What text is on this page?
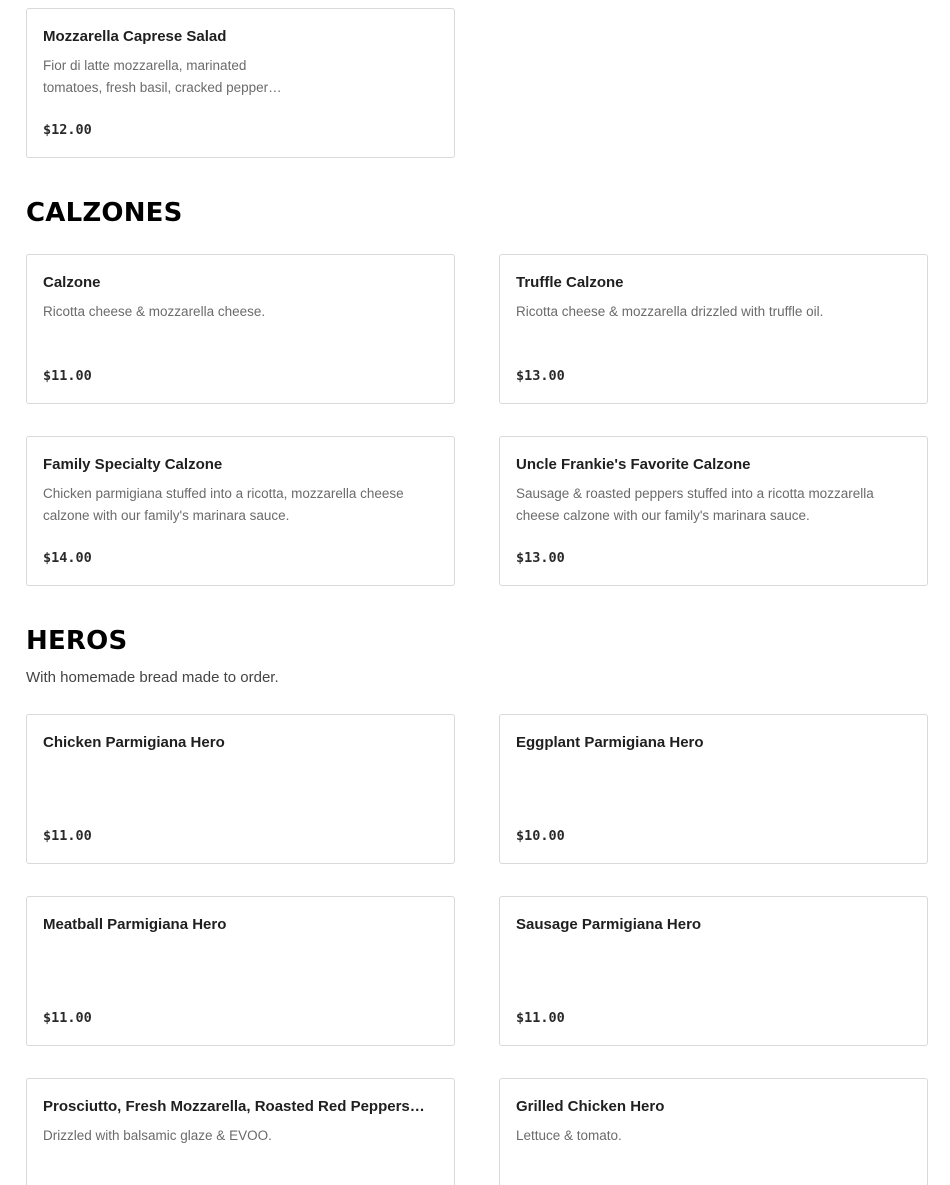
Mozzarella Caprese Salad
Fior di latte mozzarella, marinated tomatoes, fresh basil, cracked pepper…
$12.00
CALZONES
Calzone
Ricotta cheese & mozzarella cheese.
$11.00
Truffle Calzone
Ricotta cheese & mozzarella drizzled with truffle oil.
$13.00
Family Specialty Calzone
Chicken parmigiana stuffed into a ricotta, mozzarella cheese calzone with our family's marinara sauce.
$14.00
Uncle Frankie's Favorite Calzone
Sausage & roasted peppers stuffed into a ricotta mozzarella cheese calzone with our family's marinara sauce.
$13.00
HEROS
With homemade bread made to order.
Chicken Parmigiana Hero
$11.00
Eggplant Parmigiana Hero
$10.00
Meatball Parmigiana Hero
$11.00
Sausage Parmigiana Hero
$11.00
Prosciutto, Fresh Mozzarella, Roasted Red Peppers…
Drizzled with balsamic glaze & EVOO.
Grilled Chicken Hero
Lettuce & tomato.
